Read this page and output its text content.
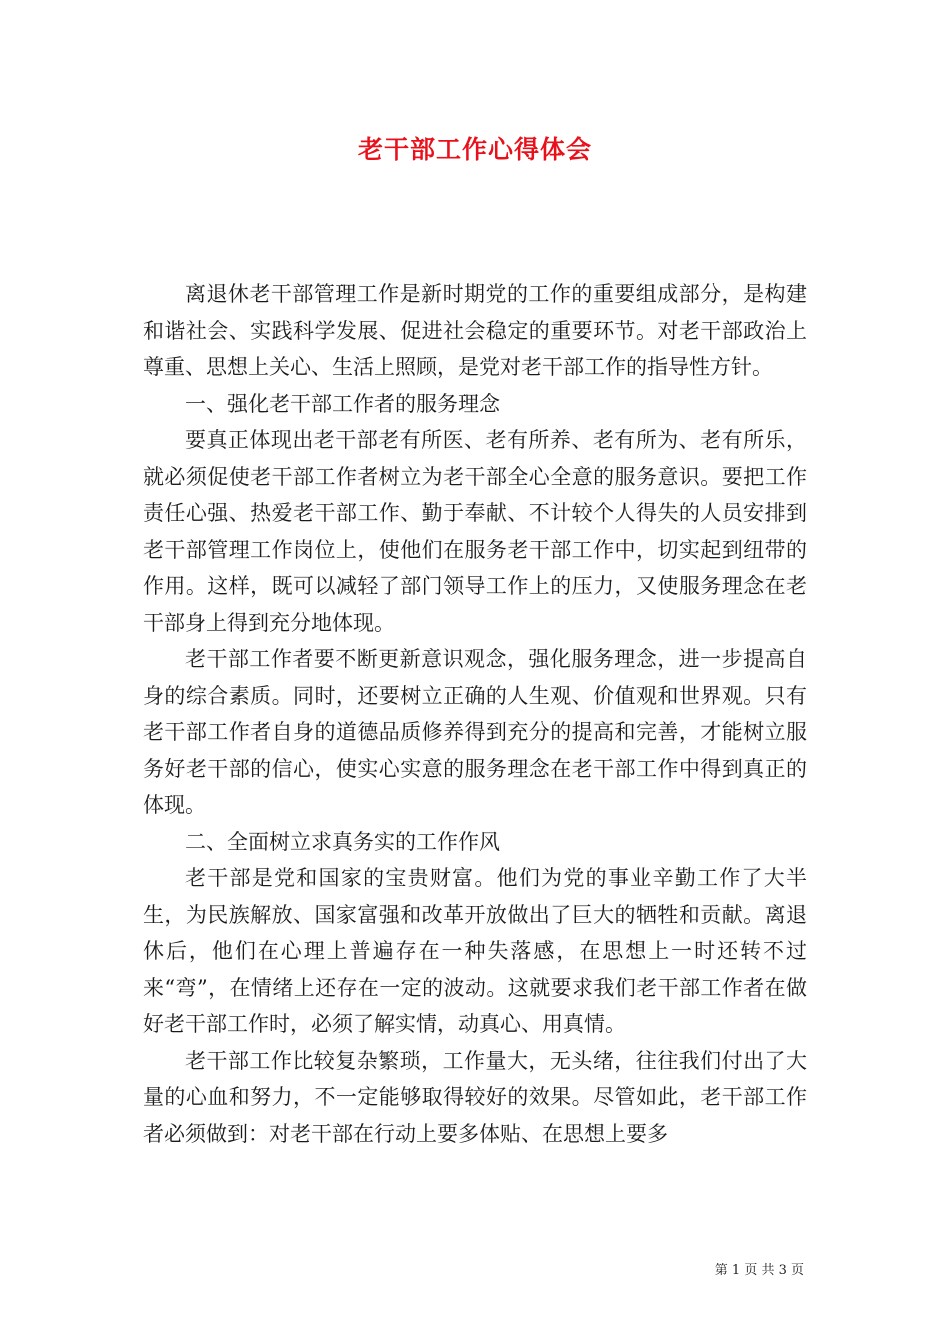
老干部工作心得体会

离退休老干部管理工作是新时期党的工作的重要组成部分，是构建和谐社会、实践科学发展、促进社会稳定的重要环节。对老干部政治上尊重、思想上关心、生活上照顾，是党对老干部工作的指导性方针。

一、强化老干部工作者的服务理念

要真正体现出老干部老有所医、老有所养、老有所为、老有所乐，就必须促使老干部工作者树立为老干部全心全意的服务意识。要把工作责任心强、热爱老干部工作、勤于奉献、不计较个人得失的人员安排到老干部管理工作岗位上，使他们在服务老干部工作中，切实起到纽带的作用。这样，既可以减轻了部门领导工作上的压力，又使服务理念在老干部身上得到充分地体现。

老干部工作者要不断更新意识观念，强化服务理念，进一步提高自身的综合素质。同时，还要树立正确的人生观、价值观和世界观。只有老干部工作者自身的道德品质修养得到充分的提高和完善，才能树立服务好老干部的信心，使实心实意的服务理念在老干部工作中得到真正的体现。

二、全面树立求真务实的工作作风

老干部是党和国家的宝贵财富。他们为党的事业辛勤工作了大半生，为民族解放、国家富强和改革开放做出了巨大的牺牲和贡献。离退休后，他们在心理上普遍存在一种失落感，在思想上一时还转不过来“弯”，在情绪上还存在一定的波动。这就要求我们老干部工作者在做好老干部工作时，必须了解实情，动真心、用真情。

老干部工作比较复杂繁琐，工作量大，无头绪，往往我们付出了大量的心血和努力，不一定能够取得较好的效果。尽管如此，老干部工作者必须做到：对老干部在行动上要多体贴、在思想上要多

第 1 页 共 3 页
